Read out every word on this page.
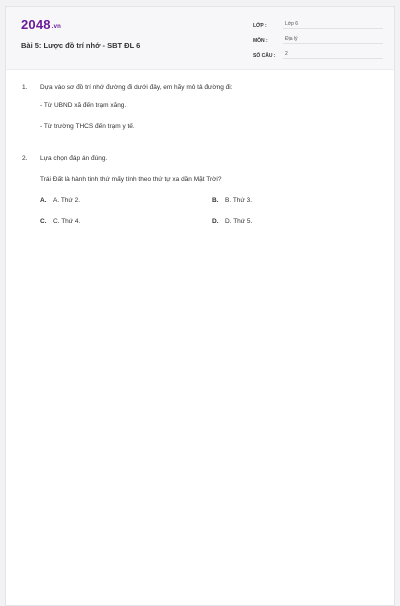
2048.vn
Bài 5: Lược đồ trí nhớ - SBT ĐL 6
LỚP :	Lớp 6
MÔN :	Địa lý
SỐ CÂU :	2
1. Dựa vào sơ đồ trí nhớ đường đi dưới đây, em hãy mô tả đường đi:
- Từ UBND xã đến trạm xăng.
- Từ trường THCS đến trạm y tế.
2. Lựa chọn đáp án đúng.
Trái Đất là hành tinh thứ mấy tính theo thứ tự xa dần Mặt Trời?
A. A. Thứ 2.	B. B. Thứ 3.
C. C. Thứ 4.	D. D. Thứ 5.
